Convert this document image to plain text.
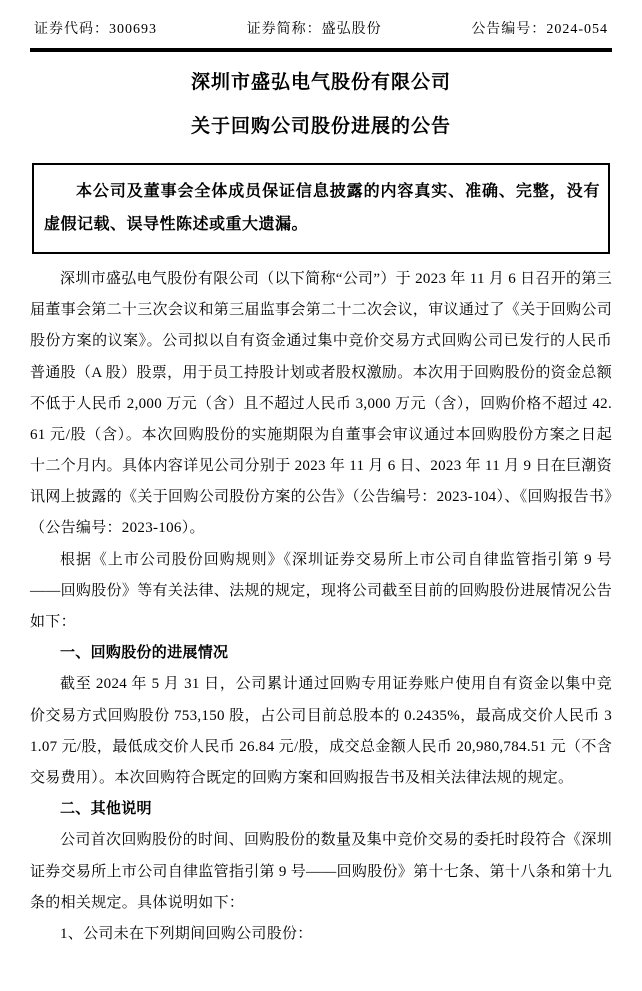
证券代码：300693	证券简称：盛弘股份	公告编号：2024-054
深圳市盛弘电气股份有限公司
关于回购公司股份进展的公告

本公司及董事会全体成员保证信息披露的内容真实、准确、完整，没有虚假记载、误导性陈述或重大遗漏。

深圳市盛弘电气股份有限公司（以下简称“公司”）于 2023 年 11 月 6 日召开的第三届董事会第二十三次会议和第三届监事会第二十二次会议，审议通过了《关于回购公司股份方案的议案》。公司拟以自有资金通过集中竞价交易方式回购公司已发行的人民币普通股（A 股）股票，用于员工持股计划或者股权激励。本次用于回购股份的资金总额不低于人民币 2,000 万元（含）且不超过人民币 3,000 万元（含），回购价格不超过 42.61 元/股（含）。本次回购股份的实施期限为自董事会审议通过本回购股份方案之日起十二个月内。具体内容详见公司分别于 2023 年 11 月 6 日、2023 年 11 月 9 日在巨潮资讯网上披露的《关于回购公司股份方案的公告》（公告编号：2023-104）、《回购报告书》（公告编号：2023-106）。

根据《上市公司股份回购规则》《深圳证券交易所上市公司自律监管指引第 9 号——回购股份》等有关法律、法规的规定，现将公司截至目前的回购股份进展情况公告如下：

一、回购股份的进展情况

截至 2024 年 5 月 31 日，公司累计通过回购专用证券账户使用自有资金以集中竞价交易方式回购股份 753,150 股，占公司目前总股本的 0.2435%，最高成交价人民币 31.07 元/股，最低成交价人民币 26.84 元/股，成交总金额人民币 20,980,784.51 元（不含交易费用）。本次回购符合既定的回购方案和回购报告书及相关法律法规的规定。

二、其他说明

公司首次回购股份的时间、回购股份的数量及集中竞价交易的委托时段符合《深圳证券交易所上市公司自律监管指引第 9 号——回购股份》第十七条、第十八条和第十九条的相关规定。具体说明如下：

1、公司未在下列期间回购公司股份：
